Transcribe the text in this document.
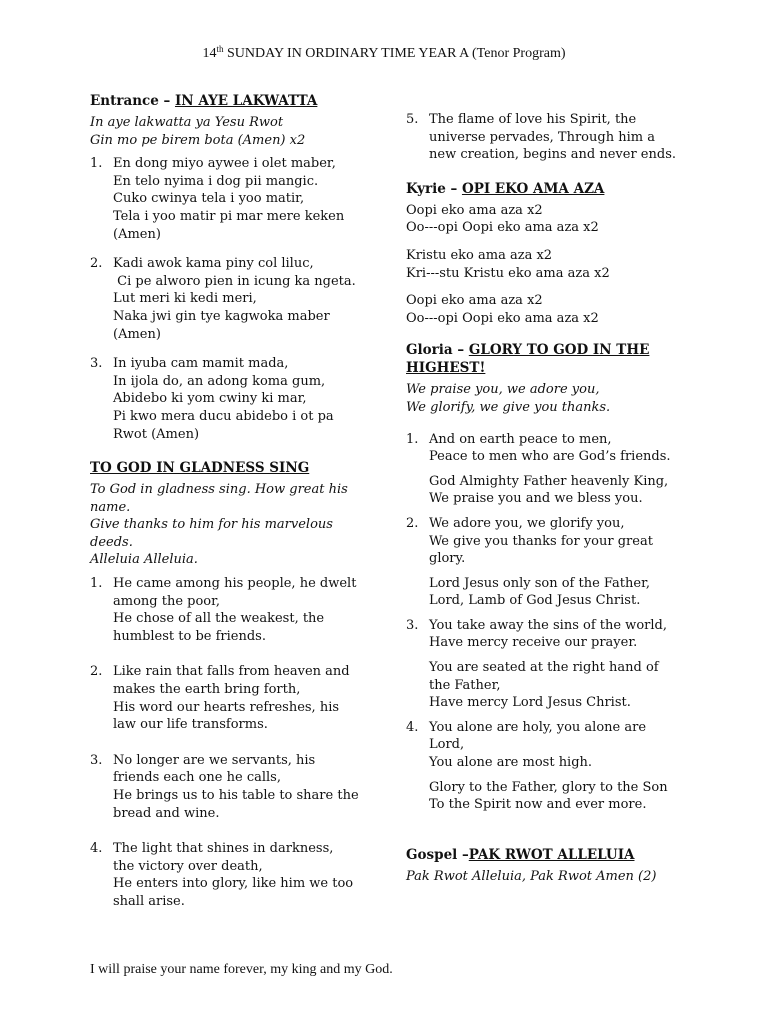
14th SUNDAY IN ORDINARY TIME YEAR A (Tenor Program)
Entrance – IN AYE LAKWATTA
In aye lakwatta ya Yesu Rwot
Gin mo pe birem bota (Amen) x2
1. En dong miyo aywee i olet maber,
En telo nyima i dog pii mangic.
Cuko cwinya tela i yoo matir,
Tela i yoo matir pi mar mere keken
(Amen)
2. Kadi awok kama piny col liluc,
Ci pe alworo pien in icung ka ngeta.
Lut meri ki kedi meri,
Naka jwi gin tye kagwoka maber
(Amen)
3. In iyuba cam mamit mada,
In ijola do, an adong koma gum,
Abidebo ki yom cwiny ki mar,
Pi kwo mera ducu abidebo i ot pa
Rwot (Amen)
TO GOD IN GLADNESS SING
To God in gladness sing. How great his
name.
Give thanks to him for his marvelous
deeds.
Alleluia Alleluia.
1. He came among his people, he dwelt
among the poor,
He chose of all the weakest, the
humblest to be friends.
2. Like rain that falls from heaven and
makes the earth bring forth,
His word our hearts refreshes, his
law our life transforms.
3. No longer are we servants, his
friends each one he calls,
He brings us to his table to share the
bread and wine.
4. The light that shines in darkness,
the victory over death,
He enters into glory, like him we too
shall arise.
5. The flame of love his Spirit, the
universe pervades, Through him a
new creation, begins and never ends.
Kyrie – OPI EKO AMA AZA
Oopi eko ama aza x2
Oo---opi Oopi eko ama aza x2
Kristu eko ama aza x2
Kri---stu Kristu eko ama aza x2
Oopi eko ama aza x2
Oo---opi Oopi eko ama aza x2
Gloria – GLORY TO GOD IN THE
HIGHEST!
We praise you, we adore you,
We glorify, we give you thanks.
1. And on earth peace to men,
Peace to men who are God’s friends.
God Almighty Father heavenly King,
We praise you and we bless you.
2. We adore you, we glorify you,
We give you thanks for your great
glory.
Lord Jesus only son of the Father,
Lord, Lamb of God Jesus Christ.
3. You take away the sins of the world,
Have mercy receive our prayer.
You are seated at the right hand of
the Father,
Have mercy Lord Jesus Christ.
4. You alone are holy, you alone are
Lord,
You alone are most high.
Glory to the Father, glory to the Son
To the Spirit now and ever more.
Gospel –PAK RWOT ALLELUIA
Pak Rwot Alleluia, Pak Rwot Amen (2)
I will praise your name forever, my king and my God.
